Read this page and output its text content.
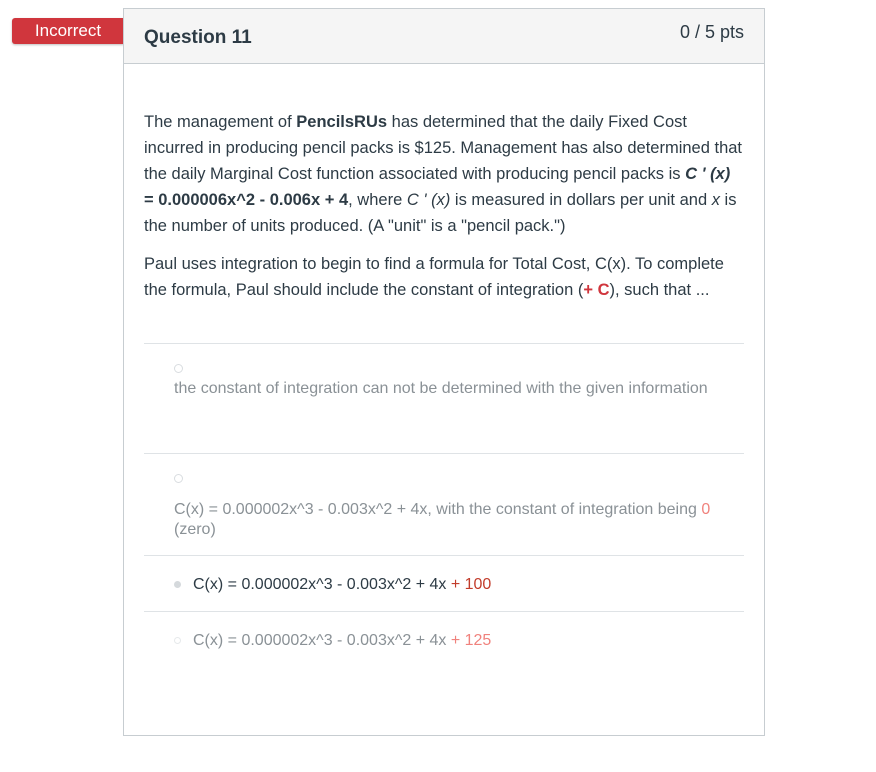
Incorrect	Question 11	0 / 5 pts

The management of PencilsRUs has determined that the daily Fixed Cost incurred in producing pencil packs is $125. Management has also determined that the daily Marginal Cost function associated with producing pencil packs is C ' (x) = 0.000006x^2 - 0.006x + 4, where C ' (x) is measured in dollars per unit and x is the number of units produced. (A "unit" is a "pencil pack.")

Paul uses integration to begin to find a formula for Total Cost, C(x). To complete the formula, Paul should include the constant of integration (+ C), such that ...

the constant of integration can not be determined with the given information
C(x) = 0.000002x^3 - 0.003x^2 + 4x, with the constant of integration being 0 (zero)
C(x) = 0.000002x^3 - 0.003x^2 + 4x + 100
C(x) = 0.000002x^3 - 0.003x^2 + 4x + 125
